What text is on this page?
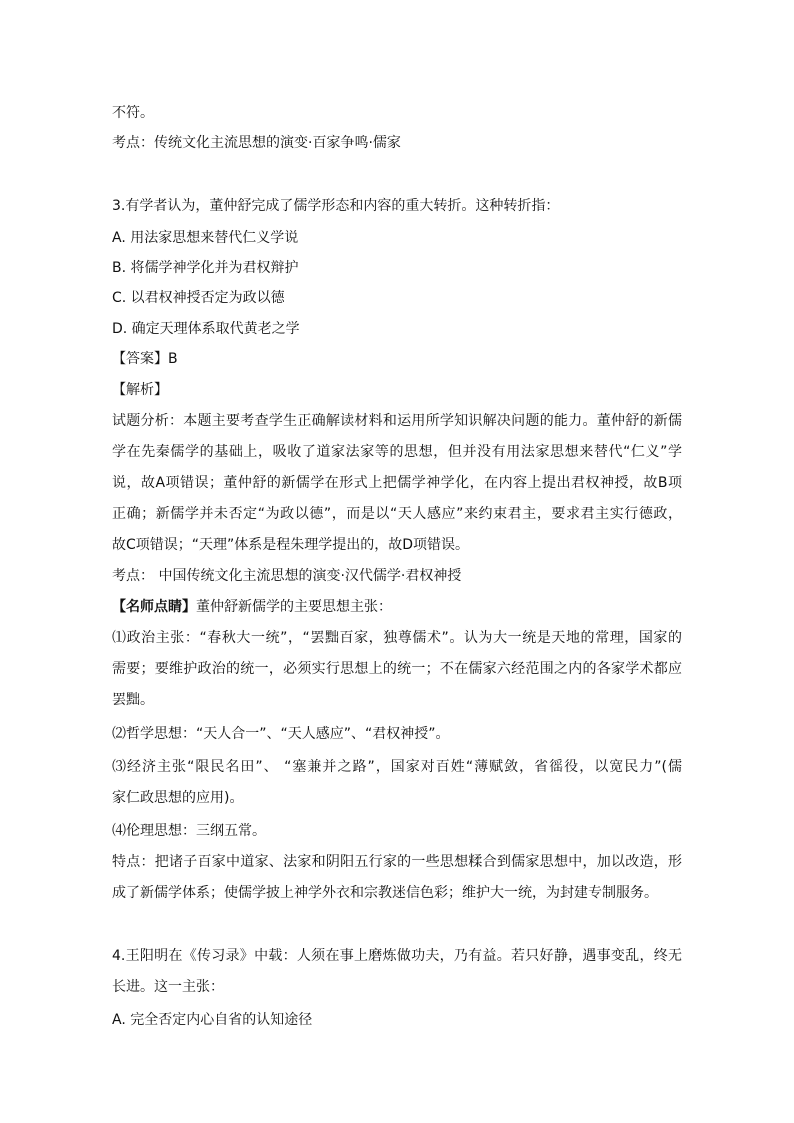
不符。
考点：传统文化主流思想的演变·百家争鸣·儒家
3.有学者认为，董仲舒完成了儒学形态和内容的重大转折。这种转折指：
A. 用法家思想来替代仁义学说
B. 将儒学神学化并为君权辩护
C. 以君权神授否定为政以德
D. 确定天理体系取代黄老之学
【答案】B
【解析】
试题分析：本题主要考查学生正确解读材料和运用所学知识解决问题的能力。董仲舒的新儒
学在先秦儒学的基础上，吸收了道家法家等的思想，但并没有用法家思想来替代“仁义”学
说，故A项错误；董仲舒的新儒学在形式上把儒学神学化，在内容上提出君权神授，故B项
正确；新儒学并未否定“为政以德”，而是以“天人感应”来约束君主，要求君主实行德政，
故C项错误；“天理”体系是程朱理学提出的，故D项错误。
考点： 中国传统文化主流思想的演变·汉代儒学·君权神授
【名师点睛】董仲舒新儒学的主要思想主张：
⑴政治主张：“春秋大一统”，“罢黜百家，独尊儒术”。认为大一统是天地的常理，国家的
需要；要维护政治的统一，必须实行思想上的统一；不在儒家六经范围之内的各家学术都应
罢黜。
⑵哲学思想：“天人合一”、“天人感应”、“君权神授”。
⑶经济主张“限民名田”、 “塞兼并之路”，国家对百姓“薄赋敛，省徭役，以宽民力”(儒
家仁政思想的应用)。
⑷伦理思想：三纲五常。
特点：把诸子百家中道家、法家和阴阳五行家的一些思想糅合到儒家思想中，加以改造，形
成了新儒学体系；使儒学披上神学外衣和宗教迷信色彩；维护大一统，为封建专制服务。
4.王阳明在《传习录》中载：人须在事上磨炼做功夫，乃有益。若只好静，遇事变乱，终无
长进。这一主张：
A. 完全否定内心自省的认知途径
